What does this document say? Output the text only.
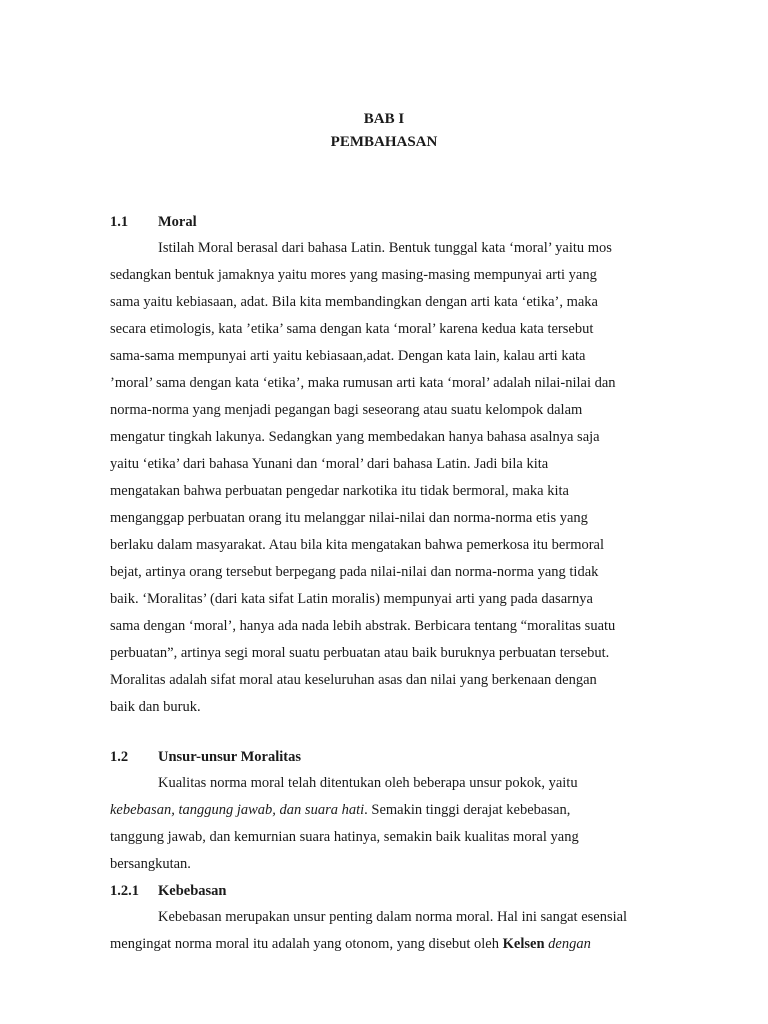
BAB I
PEMBAHASAN
1.1 Moral
Istilah Moral berasal dari bahasa Latin. Bentuk tunggal kata ‘moral’ yaitu mos
sedangkan bentuk jamaknya yaitu mores yang masing-masing mempunyai arti yang
sama yaitu kebiasaan, adat. Bila kita membandingkan dengan arti kata ‘etika’, maka
secara etimologis, kata ’etika’ sama dengan kata ‘moral’ karena kedua kata tersebut
sama-sama mempunyai arti yaitu kebiasaan,adat. Dengan kata lain, kalau arti kata
’moral’ sama dengan kata ‘etika’, maka rumusan arti kata ‘moral’ adalah nilai-nilai dan
norma-norma yang menjadi pegangan bagi seseorang atau suatu kelompok dalam
mengatur tingkah lakunya. Sedangkan yang membedakan hanya bahasa asalnya saja
yaitu ‘etika’ dari bahasa Yunani dan ‘moral’ dari bahasa Latin. Jadi bila kita
mengatakan bahwa perbuatan pengedar narkotika itu tidak bermoral, maka kita
menganggap perbuatan orang itu melanggar nilai-nilai dan norma-norma etis yang
berlaku dalam masyarakat. Atau bila kita mengatakan bahwa pemerkosa itu bermoral
bejat, artinya orang tersebut berpegang pada nilai-nilai dan norma-norma yang tidak
baik. ‘Moralitas’ (dari kata sifat Latin moralis) mempunyai arti yang pada dasarnya
sama dengan ‘moral’, hanya ada nada lebih abstrak. Berbicara tentang “moralitas suatu
perbuatan”, artinya segi moral suatu perbuatan atau baik buruknya perbuatan tersebut.
Moralitas adalah sifat moral atau keseluruhan asas dan nilai yang berkenaan dengan
baik dan buruk.
1.2 Unsur-unsur Moralitas
Kualitas norma moral telah ditentukan oleh beberapa unsur pokok, yaitu
kebebasan, tanggung jawab, dan suara hati. Semakin tinggi derajat kebebasan,
tanggung jawab, dan kemurnian suara hatinya, semakin baik kualitas moral yang
bersangkutan.
1.2.1 Kebebasan
Kebebasan merupakan unsur penting dalam norma moral. Hal ini sangat esensial
mengingat norma moral itu adalah yang otonom, yang disebut oleh Kelsen dengan
